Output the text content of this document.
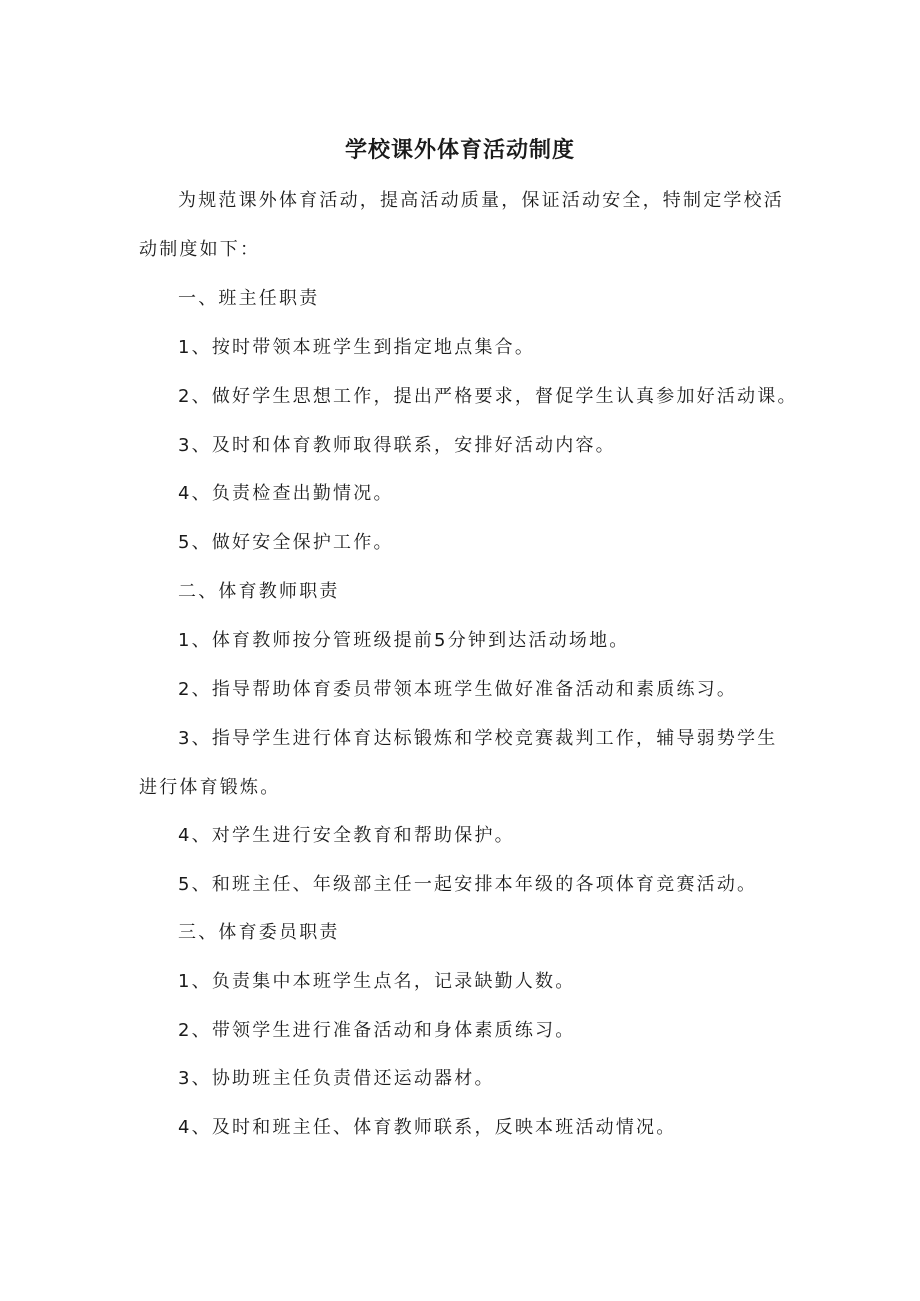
学校课外体育活动制度
为规范课外体育活动，提高活动质量，保证活动安全，特制定学校活
动制度如下：
一、班主任职责
1、按时带领本班学生到指定地点集合。
2、做好学生思想工作，提出严格要求，督促学生认真参加好活动课。
3、及时和体育教师取得联系，安排好活动内容。
4、负责检查出勤情况。
5、做好安全保护工作。
二、体育教师职责
1、体育教师按分管班级提前5分钟到达活动场地。
2、指导帮助体育委员带领本班学生做好准备活动和素质练习。
3、指导学生进行体育达标锻炼和学校竞赛裁判工作，辅导弱势学生
进行体育锻炼。
4、对学生进行安全教育和帮助保护。
5、和班主任、年级部主任一起安排本年级的各项体育竞赛活动。
三、体育委员职责
1、负责集中本班学生点名，记录缺勤人数。
2、带领学生进行准备活动和身体素质练习。
3、协助班主任负责借还运动器材。
4、及时和班主任、体育教师联系，反映本班活动情况。
